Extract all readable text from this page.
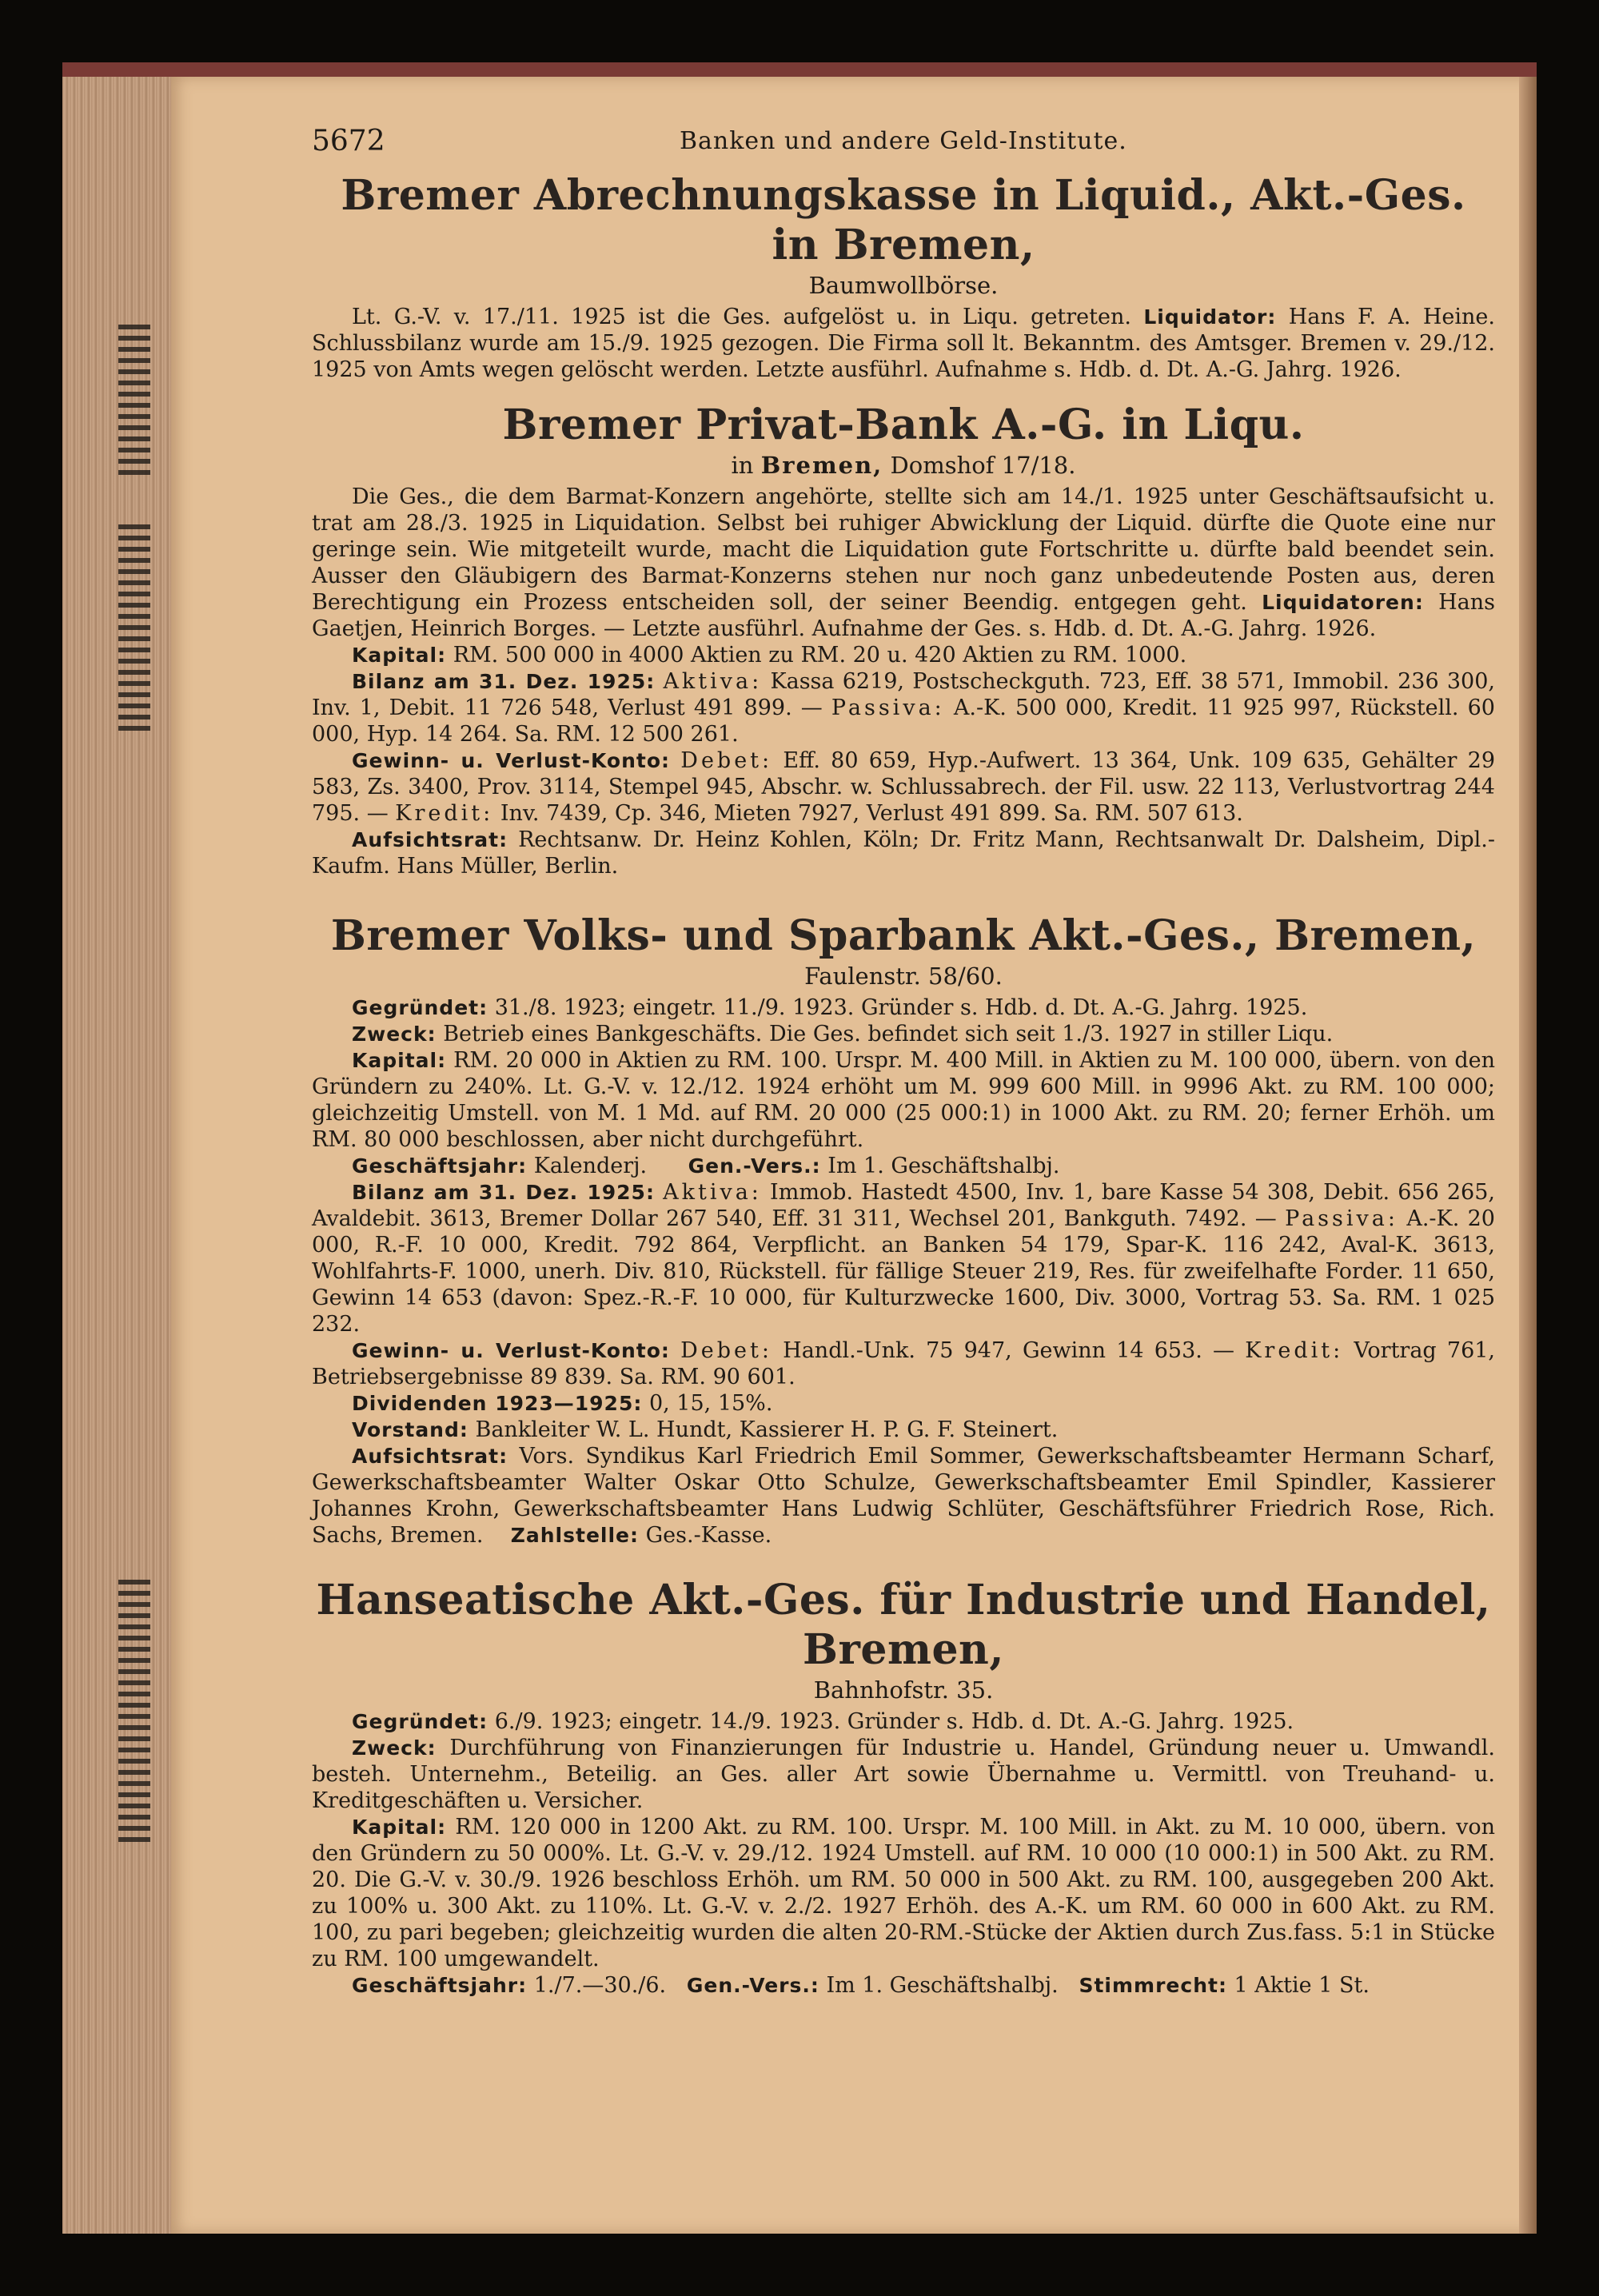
5672	Banken und andere Geld-Institute.
Bremer Abrechnungskasse in Liquid., Akt.-Ges. in Bremen,
Baumwollbörse.

Lt. G.-V. v. 17./11. 1925 ist die Ges. aufgelöst u. in Liqu. getreten. Liquidator: Hans F. A. Heine. Schlussbilanz wurde am 15./9. 1925 gezogen. Die Firma soll lt. Bekanntm. des Amtsger. Bremen v. 29./12. 1925 von Amts wegen gelöscht werden. Letzte ausführl. Aufnahme s. Hdb. d. Dt. A.-G. Jahrg. 1926.

Bremer Privat-Bank A.-G. in Liqu.
in Bremen, Domshof 17/18.

Die Ges., die dem Barmat-Konzern angehörte, stellte sich am 14./1. 1925 unter Geschäftsaufsicht u. trat am 28./3. 1925 in Liquidation. Selbst bei ruhiger Abwicklung der Liquid. dürfte die Quote eine nur geringe sein. Wie mitgeteilt wurde, macht die Liquidation gute Fortschritte u. dürfte bald beendet sein. Ausser den Gläubigern des Barmat-Konzerns stehen nur noch ganz unbedeutende Posten aus, deren Berechtigung ein Prozess entscheiden soll, der seiner Beendig. entgegen geht. Liquidatoren: Hans Gaetjen, Heinrich Borges. — Letzte ausführl. Aufnahme der Ges. s. Hdb. d. Dt. A.-G. Jahrg. 1926.

Kapital: RM. 500 000 in 4000 Aktien zu RM. 20 u. 420 Aktien zu RM. 1000.

Bilanz am 31. Dez. 1925: Aktiva: Kassa 6219, Postscheckguth. 723, Eff. 38 571, Immobil. 236 300, Inv. 1, Debit. 11 726 548, Verlust 491 899. — Passiva: A.-K. 500 000, Kredit. 11 925 997, Rückstell. 60 000, Hyp. 14 264. Sa. RM. 12 500 261.

Gewinn- u. Verlust-Konto: Debet: Eff. 80 659, Hyp.-Aufwert. 13 364, Unk. 109 635, Gehälter 29 583, Zs. 3400, Prov. 3114, Stempel 945, Abschr. w. Schlussabrech. der Fil. usw. 22 113, Verlustvortrag 244 795. — Kredit: Inv. 7439, Cp. 346, Mieten 7927, Verlust 491 899. Sa. RM. 507 613.

Aufsichtsrat: Rechtsanw. Dr. Heinz Kohlen, Köln; Dr. Fritz Mann, Rechtsanwalt Dr. Dalsheim, Dipl.-Kaufm. Hans Müller, Berlin.

Bremer Volks- und Sparbank Akt.-Ges., Bremen,
Faulenstr. 58/60.

Gegründet: 31./8. 1923; eingetr. 11./9. 1923. Gründer s. Hdb. d. Dt. A.-G. Jahrg. 1925.

Zweck: Betrieb eines Bankgeschäfts. Die Ges. befindet sich seit 1./3. 1927 in stiller Liqu.

Kapital: RM. 20 000 in Aktien zu RM. 100. Urspr. M. 400 Mill. in Aktien zu M. 100 000, übern. von den Gründern zu 240%. Lt. G.-V. v. 12./12. 1924 erhöht um M. 999 600 Mill. in 9996 Akt. zu RM. 100 000; gleichzeitig Umstell. von M. 1 Md. auf RM. 20 000 (25 000:1) in 1000 Akt. zu RM. 20; ferner Erhöh. um RM. 80 000 beschlossen, aber nicht durchgeführt.

Geschäftsjahr: Kalenderj. Gen.-Vers.: Im 1. Geschäftshalbj.

Bilanz am 31. Dez. 1925: Aktiva: Immob. Hastedt 4500, Inv. 1, bare Kasse 54 308, Debit. 656 265, Avaldebit. 3613, Bremer Dollar 267 540, Eff. 31 311, Wechsel 201, Bankguth. 7492. — Passiva: A.-K. 20 000, R.-F. 10 000, Kredit. 792 864, Verpflicht. an Banken 54 179, Spar-K. 116 242, Aval-K. 3613, Wohlfahrts-F. 1000, unerh. Div. 810, Rückstell. für fällige Steuer 219, Res. für zweifelhafte Forder. 11 650, Gewinn 14 653 (davon: Spez.-R.-F. 10 000, für Kulturzwecke 1600, Div. 3000, Vortrag 53. Sa. RM. 1 025 232.

Gewinn- u. Verlust-Konto: Debet: Handl.-Unk. 75 947, Gewinn 14 653. — Kredit: Vortrag 761, Betriebsergebnisse 89 839. Sa. RM. 90 601.

Dividenden 1923—1925: 0, 15, 15%.

Vorstand: Bankleiter W. L. Hundt, Kassierer H. P. G. F. Steinert.

Aufsichtsrat: Vors. Syndikus Karl Friedrich Emil Sommer, Gewerkschaftsbeamter Hermann Scharf, Gewerkschaftsbeamter Walter Oskar Otto Schulze, Gewerkschaftsbeamter Emil Spindler, Kassierer Johannes Krohn, Gewerkschaftsbeamter Hans Ludwig Schlüter, Geschäftsführer Friedrich Rose, Rich. Sachs, Bremen. Zahlstelle: Ges.-Kasse.

Hanseatische Akt.-Ges. für Industrie und Handel, Bremen,
Bahnhofstr. 35.

Gegründet: 6./9. 1923; eingetr. 14./9. 1923. Gründer s. Hdb. d. Dt. A.-G. Jahrg. 1925.

Zweck: Durchführung von Finanzierungen für Industrie u. Handel, Gründung neuer u. Umwandl. besteh. Unternehm., Beteilig. an Ges. aller Art sowie Übernahme u. Vermittl. von Treuhand- u. Kreditgeschäften u. Versicher.

Kapital: RM. 120 000 in 1200 Akt. zu RM. 100. Urspr. M. 100 Mill. in Akt. zu M. 10 000, übern. von den Gründern zu 50 000%. Lt. G.-V. v. 29./12. 1924 Umstell. auf RM. 10 000 (10 000:1) in 500 Akt. zu RM. 20. Die G.-V. v. 30./9. 1926 beschloss Erhöh. um RM. 50 000 in 500 Akt. zu RM. 100, ausgegeben 200 Akt. zu 100% u. 300 Akt. zu 110%. Lt. G.-V. v. 2./2. 1927 Erhöh. des A.-K. um RM. 60 000 in 600 Akt. zu RM. 100, zu pari begeben; gleichzeitig wurden die alten 20-RM.-Stücke der Aktien durch Zus.fass. 5:1 in Stücke zu RM. 100 umgewandelt.

Geschäftsjahr: 1./7.—30./6. Gen.-Vers.: Im 1. Geschäftshalbj. Stimmrecht: 1 Aktie 1 St.
